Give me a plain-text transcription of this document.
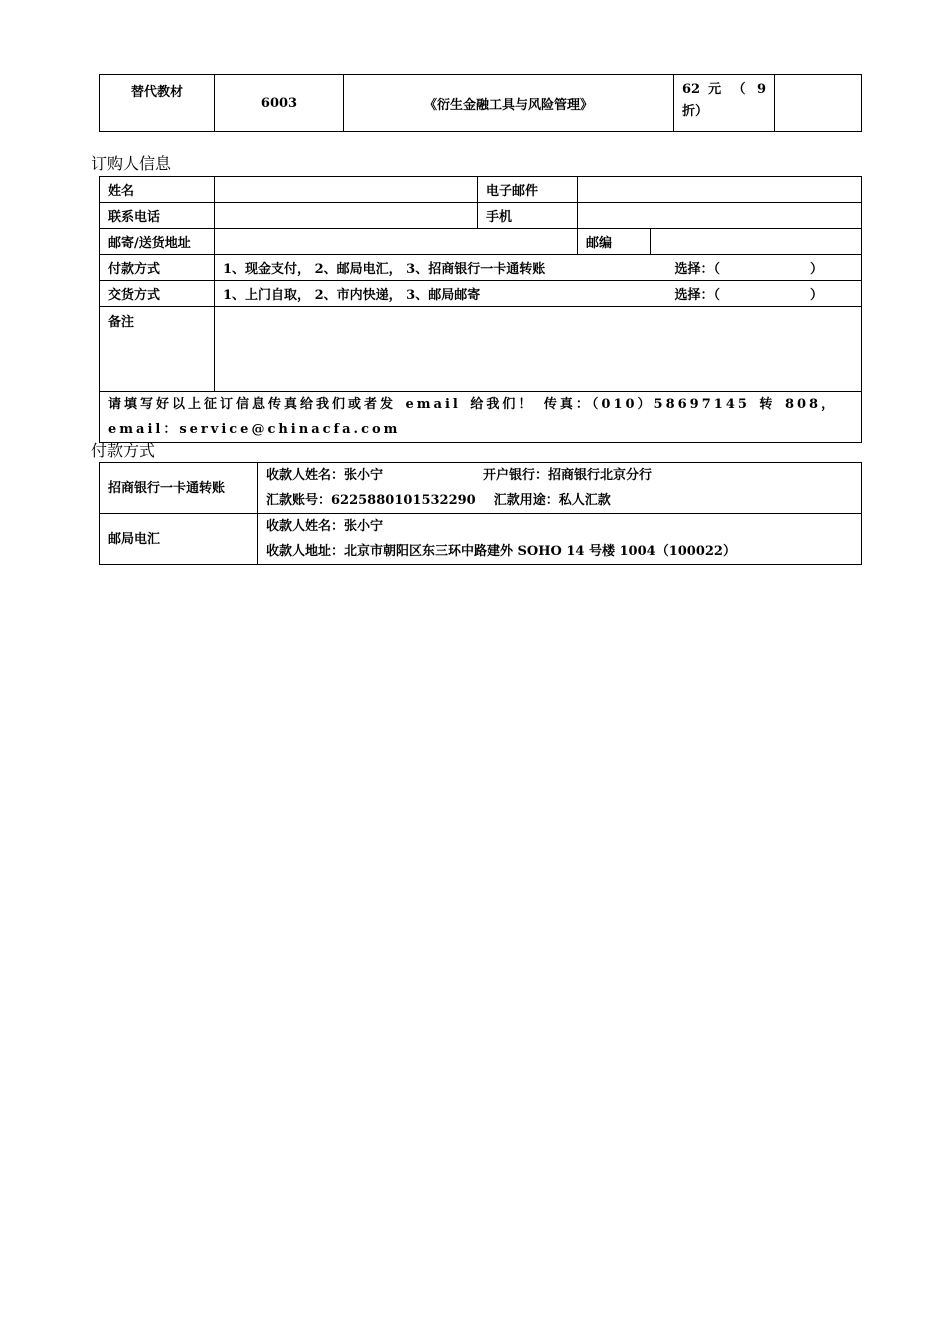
替代教材	6003	《衍生金融工具与风险管理》	62 元 （ 9 折）	

订购人信息

姓名		电子邮件		
联系电话		手机		
邮寄/送货地址			邮编	
付款方式	1、现金支付， 2、邮局电汇， 3、招商银行一卡通转账 选择：（ ）			

交货方式	1、上门自取， 2、市内快递， 3、邮局邮寄 选择：（ ）			

备注				
请填写好以上征订信息传真给我们或者发 email 给我们！ 传真：（010）58697145 转 808， email：service@chinacfa.com				

付款方式

招商银行一卡通转账	收款人姓名：张小宁 开户银行：招商银行北京分行
汇款账号：6225880101532290 汇款用途：私人汇款

邮局电汇	收款人姓名：张小宁
收款人地址：北京市朝阳区东三环中路建外 SOHO 14 号楼 1004（100022）
